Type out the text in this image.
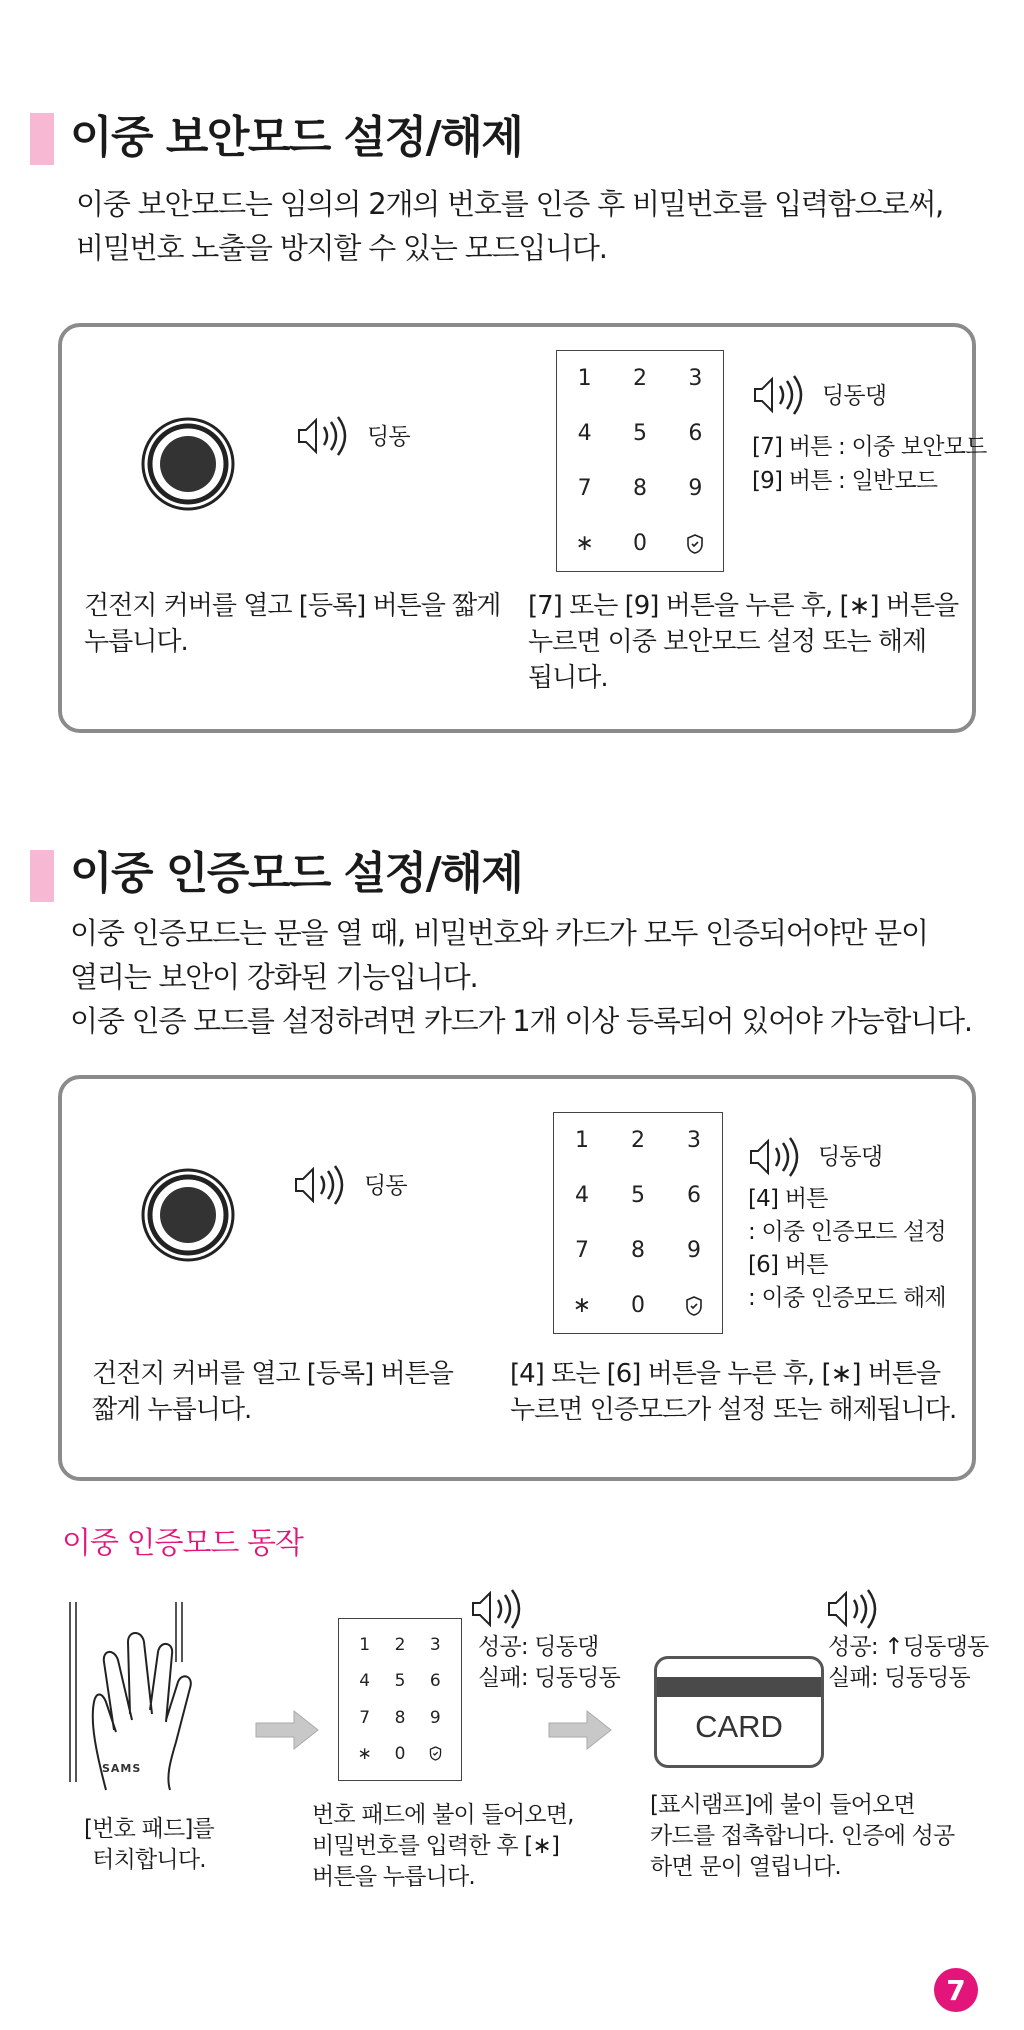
이중 보안모드 설정/해제
이중 보안모드는 임의의 2개의 번호를 인증 후 비밀번호를 입력함으로써,
비밀번호 노출을 방지할 수 있는 모드입니다.
딩동
1	2	3
4	5	6
7	8	9
∗	0
딩동댕
[7] 버튼 : 이중 보안모드
[9] 버튼 : 일반모드
건전지 커버를 열고 [등록] 버튼을 짧게
누릅니다.
[7] 또는 [9] 버튼을 누른 후, [∗] 버튼을
누르면 이중 보안모드 설정 또는 해제
됩니다.
이중 인증모드 설정/해제
이중 인증모드는 문을 열 때, 비밀번호와 카드가 모두 인증되어야만 문이
열리는 보안이 강화된 기능입니다.
이중 인증 모드를 설정하려면 카드가 1개 이상 등록되어 있어야 가능합니다.
딩동
1	2	3
4	5	6
7	8	9
∗	0
딩동댕
[4] 버튼
: 이중 인증모드 설정
[6] 버튼
: 이중 인증모드 해제
건전지 커버를 열고 [등록] 버튼을
짧게 누릅니다.
[4] 또는 [6] 버튼을 누른 후, [∗] 버튼을
누르면 인증모드가 설정 또는 해제됩니다.
이중 인증모드 동작
SAMS
1	2	3
4	5	6
7	8	9
∗	0
성공: 딩동댕
실패: 딩동딩동
CARD
성공: ↑딩동댕동
실패: 딩동딩동
[번호 패드]를
터치합니다.
번호 패드에 불이 들어오면,
비밀번호를 입력한 후 [∗]
버튼을 누릅니다.
[표시램프]에 불이 들어오면
카드를 접촉합니다. 인증에 성공
하면 문이 열립니다.
7
